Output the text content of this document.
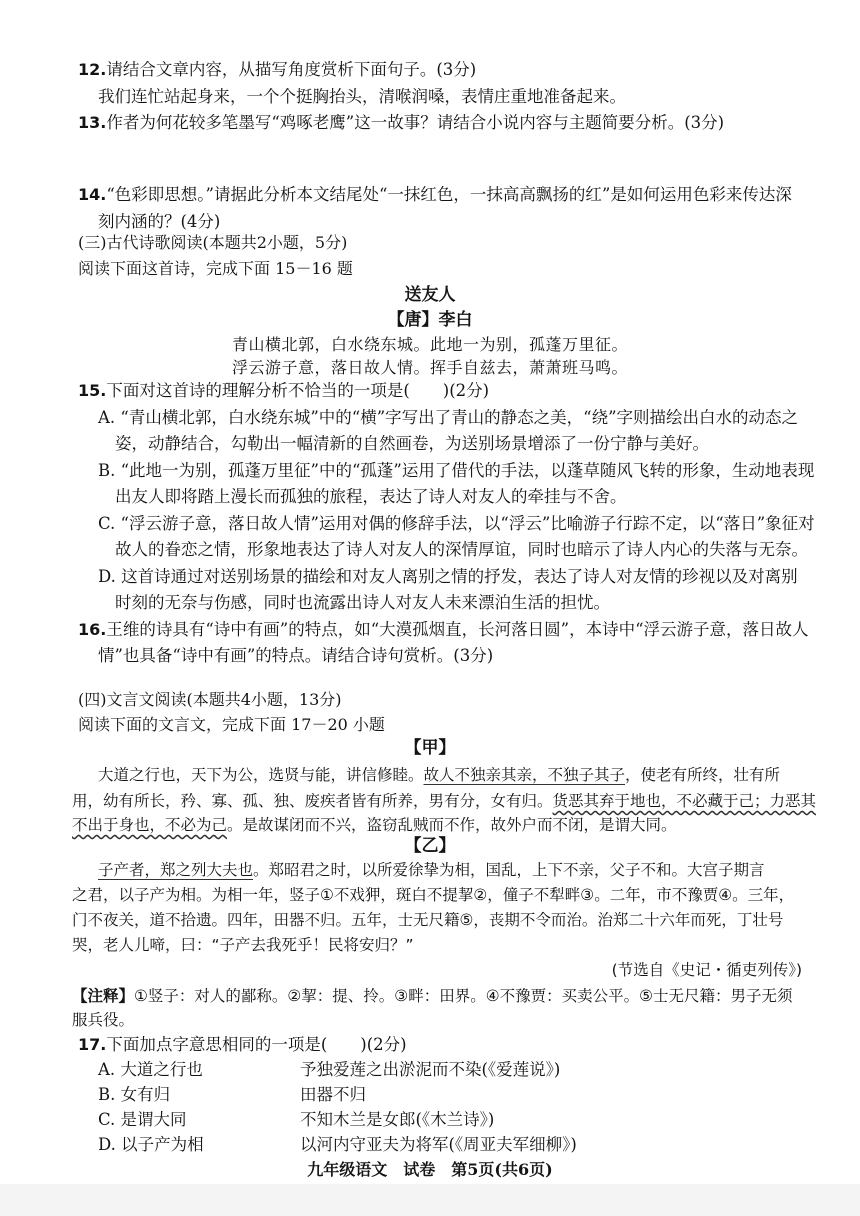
12.请结合文章内容，从描写角度赏析下面句子。(3分)
我们连忙站起身来，一个个挺胸抬头，清喉润嗓，表情庄重地准备起来。
13.作者为何花较多笔墨写“鸡啄老鹰”这一故事？请结合小说内容与主题简要分析。(3分)
14.“色彩即思想。”请据此分析本文结尾处“一抹红色，一抹高高飘扬的红”是如何运用色彩来传达深
刻内涵的？(4分)
(三)古代诗歌阅读(本题共2小题，5分)
阅读下面这首诗，完成下面 15－16 题
送友人
【唐】李白
青山横北郭，白水绕东城。此地一为别，孤蓬万里征。
浮云游子意，落日故人情。挥手自兹去，萧萧班马鸣。
15.下面对这首诗的理解分析不恰当的一项是(　　)(2分)
A. “青山横北郭，白水绕东城”中的“横”字写出了青山的静态之美，“绕”字则描绘出白水的动态之
姿，动静结合，勾勒出一幅清新的自然画卷，为送别场景增添了一份宁静与美好。
B. “此地一为别，孤蓬万里征”中的“孤蓬”运用了借代的手法，以蓬草随风飞转的形象，生动地表现
出友人即将踏上漫长而孤独的旅程，表达了诗人对友人的牵挂与不舍。
C. “浮云游子意，落日故人情”运用对偶的修辞手法，以“浮云”比喻游子行踪不定，以“落日”象征对
故人的眷恋之情，形象地表达了诗人对友人的深情厚谊，同时也暗示了诗人内心的失落与无奈。
D. 这首诗通过对送别场景的描绘和对友人离别之情的抒发，表达了诗人对友情的珍视以及对离别
时刻的无奈与伤感，同时也流露出诗人对友人未来漂泊生活的担忧。
16.王维的诗具有“诗中有画”的特点，如“大漠孤烟直，长河落日圆”，本诗中“浮云游子意，落日故人
情”也具备“诗中有画”的特点。请结合诗句赏析。(3分)
(四)文言文阅读(本题共4小题，13分)
阅读下面的文言文，完成下面 17－20 小题
【甲】
大道之行也，天下为公，选贤与能，讲信修睦。故人不独亲其亲，不独子其子，使老有所终，壮有所
用，幼有所长，矜、寡、孤、独、废疾者皆有所养，男有分，女有归。货恶其弃于地也，不必藏于己；力恶其
不出于身也，不必为己。是故谋闭而不兴，盗窃乱贼而不作，故外户而不闭，是谓大同。
【乙】
子产者，郑之列大夫也。郑昭君之时，以所爱徐挚为相，国乱，上下不亲，父子不和。大宫子期言
之君，以子产为相。为相一年，竖子①不戏狎，斑白不提挈②，僮子不犁畔③。二年，市不豫贾④。三年，
门不夜关，道不拾遗。四年，田器不归。五年，士无尺籍⑤，丧期不令而治。治郑二十六年而死，丁壮号
哭，老人儿啼，曰：“子产去我死乎！民将安归？”
(节选自《史记・循吏列传》)
【注释】①竖子：对人的鄙称。②挈：提、拎。③畔：田界。④不豫贾：买卖公平。⑤士无尺籍：男子无须
服兵役。
17.下面加点字意思相同的一项是(　　)(2分)
A. 大道之行也	予独爱莲之出淤泥而不染(《爱莲说》)
B. 女有归	田器不归
C. 是谓大同	不知木兰是女郎(《木兰诗》)
D. 以子产为相	以河内守亚夫为将军(《周亚夫军细柳》)
九年级语文　试卷　第5页(共6页)
